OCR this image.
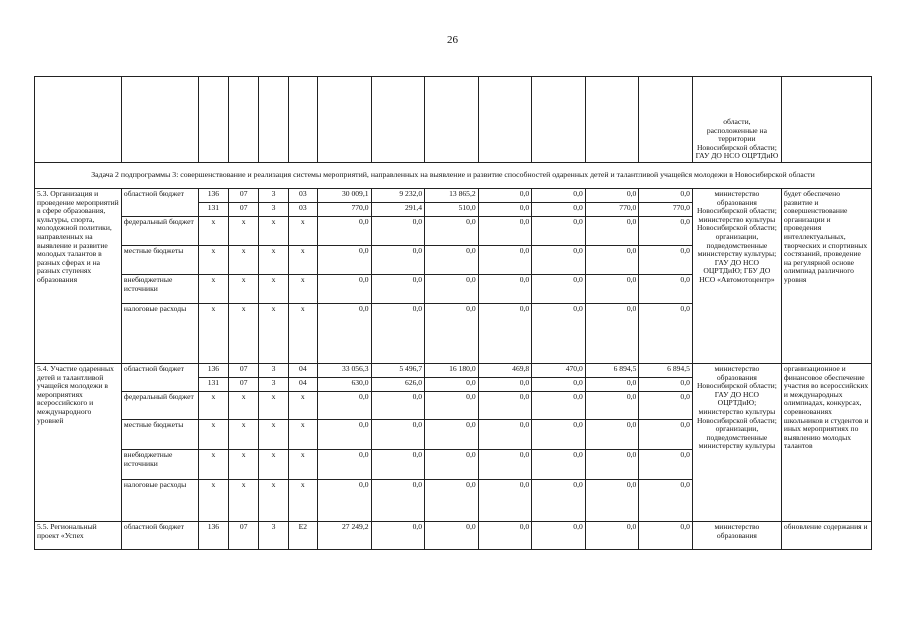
26
													области,
расположенные на территории Новосибирской области;
ГАУ ДО НСО ОЦРТДиЮ	
Задача 2 подпрограммы 3: совершенствование и реализация системы мероприятий, направленных на выявление и развитие способностей одаренных детей и талантливой учащейся молодежи в Новосибирской области														
5.3. Организация и проведение мероприятий в сфере образования, культуры, спорта, молодежной политики, направленных на выявление и развитие молодых талантов в разных сферах и на разных ступенях образования	областной бюджет	136	07	3	03	30 009,1	9 232,0	13 865,2	0,0	0,0	0,0	0,0	министерство образования Новосибирской области; министерство культуры Новосибирской области; организации, подведомственные министерству культуры; ГАУ ДО НСО ОЦРТДиЮ; ГБУ ДО НСО «Автомотоцентр»	будет обеспечено развитие и совершенствование организации и проведения интеллектуальных, творческих и спортивных состязаний, проведение на регулярной основе олимпиад различного уровня
		131	07	3	03	770,0	291,4	510,0	0,0	0,0	770,0	770,0		
	федеральный бюджет	x	x	x	x	0,0	0,0	0,0	0,0	0,0	0,0	0,0		
	местные бюджеты	x	x	x	x	0,0	0,0	0,0	0,0	0,0	0,0	0,0		
	внебюджетные источники	x	x	x	x	0,0	0,0	0,0	0,0	0,0	0,0	0,0		
	налоговые расходы	x	x	x	x	0,0	0,0	0,0	0,0	0,0	0,0	0,0		
5.4. Участие одаренных детей и талантливой учащейся молодежи в мероприятиях всероссийского и международного уровней	областной бюджет	136	07	3	04	33 056,3	5 496,7	16 180,0	469,8	470,0	6 894,5	6 894,5	министерство образования Новосибирской области; ГАУ ДО НСО ОЦРТДиЮ; министерство культуры Новосибирской области; организации, подведомственные министерству культуры	организационное и финансовое обеспечение участия во всероссийских и международных олимпиадах, конкурсах, соревнованиях школьников и студентов и иных мероприятиях по выявлению молодых талантов
		131	07	3	04	630,0	626,0	0,0	0,0	0,0	0,0	0,0		
	федеральный бюджет	x	x	x	x	0,0	0,0	0,0	0,0	0,0	0,0	0,0		
	местные бюджеты	x	x	x	x	0,0	0,0	0,0	0,0	0,0	0,0	0,0		
	внебюджетные источники	x	x	x	x	0,0	0,0	0,0	0,0	0,0	0,0	0,0		
	налоговые расходы	x	x	x	x	0,0	0,0	0,0	0,0	0,0	0,0	0,0		
5.5. Региональный проект «Успех	областной бюджет	136	07	3	E2	27 249,2	0,0	0,0	0,0	0,0	0,0	0,0	министерство образования	обновление содержания и
